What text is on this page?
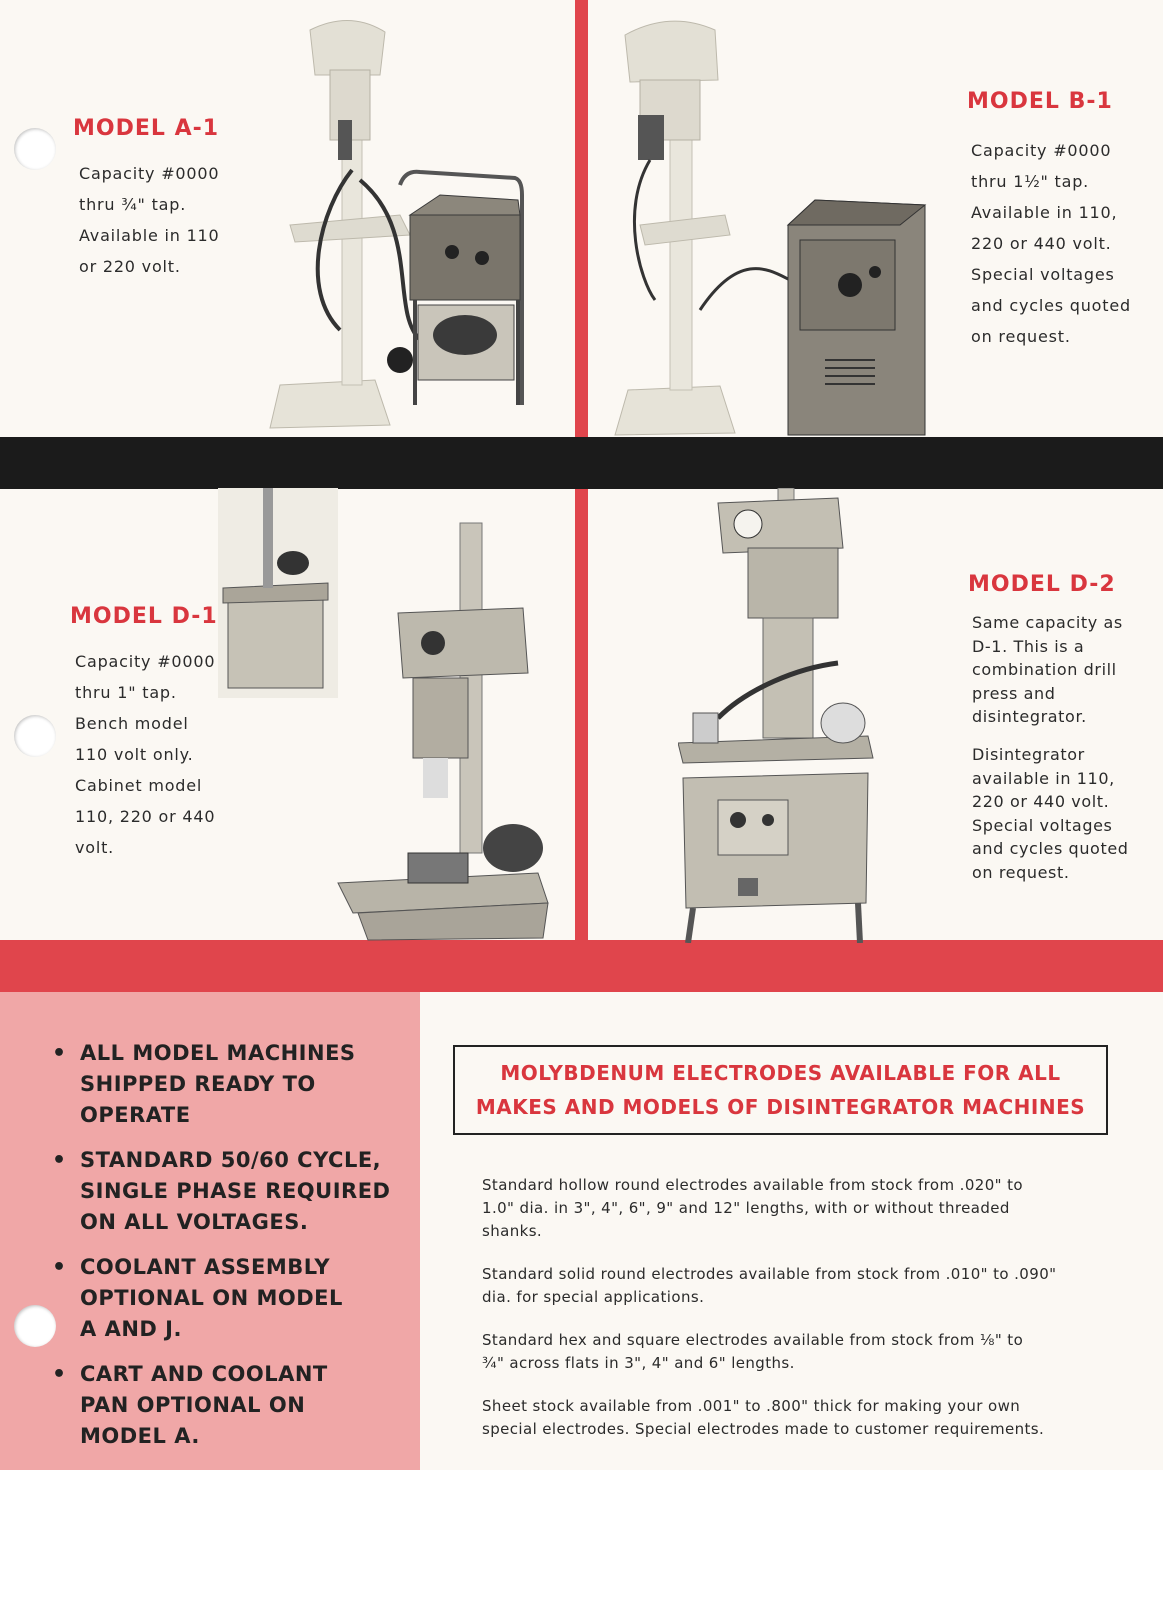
MODEL A-1
Capacity #0000
thru ¾" tap.
Available in 110
or 220 volt.
MODEL B-1
Capacity #0000
thru 1½" tap.
Available in 110,
220 or 440 volt.
Special voltages
and cycles quoted
on request.
MODEL D-1
Capacity #0000
thru 1" tap.
Bench model
110 volt only.
Cabinet model
110, 220 or 440
volt.
MODEL D-2
Same capacity as
D-1. This is a
combination drill
press and
disintegrator.
Disintegrator
available in 110,
220 or 440 volt.
Special voltages
and cycles quoted
on request.
• ALL MODEL MACHINES
SHIPPED READY TO
OPERATE
• STANDARD 50/60 CYCLE,
SINGLE PHASE REQUIRED
ON ALL VOLTAGES.
• COOLANT ASSEMBLY
OPTIONAL ON MODEL
A AND J.
• CART AND COOLANT
PAN OPTIONAL ON
MODEL A.
MOLYBDENUM ELECTRODES AVAILABLE FOR ALL
MAKES AND MODELS OF DISINTEGRATOR MACHINES
Standard hollow round electrodes available from stock from .020" to
1.0" dia. in 3", 4", 6", 9" and 12" lengths, with or without threaded
shanks.
Standard solid round electrodes available from stock from .010" to .090"
dia. for special applications.
Standard hex and square electrodes available from stock from ⅛" to
¾" across flats in 3", 4" and 6" lengths.
Sheet stock available from .001" to .800" thick for making your own
special electrodes. Special electrodes made to customer requirements.
